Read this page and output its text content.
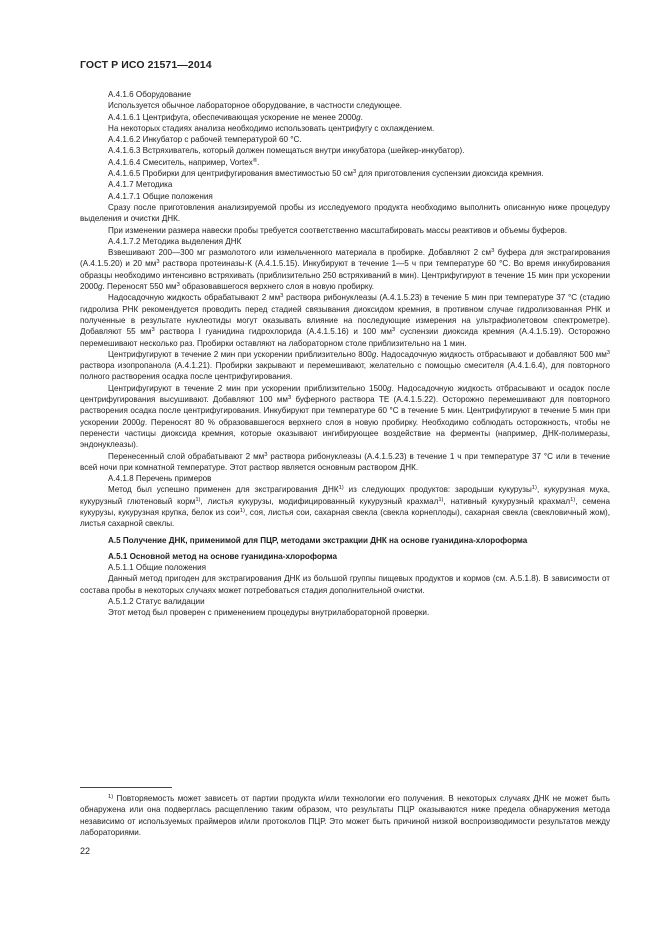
ГОСТ Р ИСО 21571—2014

А.4.1.6 Оборудование

Используется обычное лабораторное оборудование, в частности следующее.

А.4.1.6.1 Центрифуга, обеспечивающая ускорение не менее 2000g.

На некоторых стадиях анализа необходимо использовать центрифугу с охлаждением.

А.4.1.6.2 Инкубатор с рабочей температурой 60 °С.

А.4.1.6.3 Встряхиватель, который должен помещаться внутри инкубатора (шейкер-инкубатор).

А.4.1.6.4 Смеситель, например, Vortex®.

А.4.1.6.5 Пробирки для центрифугирования вместимостью 50 $см^3$ для приготовления суспензии диоксида кремния.

А.4.1.7 Методика

А.4.1.7.1 Общие положения

Сразу после приготовления анализируемой пробы из исследуемого продукта необходимо выполнить описанную ниже процедуру выделения и очистки ДНК.

При изменении размера навески пробы требуется соответственно масштабировать массы реактивов и объемы буферов.

А.4.1.7.2 Методика выделения ДНК

Взвешивают 200—300 мг размолотого или измельченного материала в пробирке. Добавляют 2 $см^3$ буфера для экстрагирования (А.4.1.5.20) и 20 $мм^3$ раствора протеиназы-К (А.4.1.5.15). Инкубируют в течение 1—5 ч при температуре 60 °С. Во время инкубирования образцы необходимо интенсивно встряхивать (приблизительно 250 встряхиваний в мин). Центрифугируют в течение 15 мин при ускорении 2000g. Переносят 550 $мм^3$ образовавшегося верхнего слоя в новую пробирку.

Надосадочную жидкость обрабатывают 2 $мм^3$ раствора рибонуклеазы (А.4.1.5.23) в течение 5 мин при температуре 37 °С (стадию гидролиза РНК рекомендуется проводить перед стадией связывания диоксидом кремния, в противном случае гидролизованная РНК и полученные в результате нуклеотиды могут оказывать влияние на последующие измерения на ультрафиолетовом спектрометре). Добавляют 55 $мм^3$ раствора I гуанидина гидрохлорида (А.4.1.5.16) и 100 $мм^3$ суспензии диоксида кремния (А.4.1.5.19). Осторожно перемешивают несколько раз. Пробирки оставляют на лабораторном столе приблизительно на 1 мин.

Центрифугируют в течение 2 мин при ускорении приблизительно 800g. Надосадочную жидкость отбрасывают и добавляют 500 $мм^3$ раствора изопропанола (А.4.1.21). Пробирки закрывают и перемешивают, желательно с помощью смесителя (А.4.1.6.4), для повторного полного растворения осадка после центрифугирования.

Центрифугируют в течение 2 мин при ускорении приблизительно 1500g. Надосадочную жидкость отбрасывают и осадок после центрифугирования высушивают. Добавляют 100 $мм^3$ буферного раствора ТЕ (А.4.1.5.22). Осторожно перемешивают для повторного растворения осадка после центрифугирования. Инкубируют при температуре 60 °С в течение 5 мин. Центрифугируют в течение 5 мин при ускорении 2000g. Переносят 80 % образовавшегося верхнего слоя в новую пробирку. Необходимо соблюдать осторожность, чтобы не перенести частицы диоксида кремния, которые оказывают ингибирующее воздействие на ферменты (например, ДНК-полимеразы, эндонуклеазы).

Перенесенный слой обрабатывают 2 $мм^3$ раствора рибонуклеазы (А.4.1.5.23) в течение 1 ч при температуре 37 °С или в течение всей ночи при комнатной температуре. Этот раствор является основным раствором ДНК.

А.4.1.8 Перечень примеров

Метод был успешно применен для экстрагирования ДНК$^{1)}$ из следующих продуктов: зародыши кукурузы$^{1)}$, кукурузная мука, кукурузный глютеновый корм$^{1)}$, листья кукурузы, модифицированный кукурузный крахмал$^{1)}$, нативный кукурузный крахмал$^{1)}$, семена кукурузы, кукурузная крупка, белок из сои$^{1)}$, соя, листья сои, сахарная свекла (свекла корнеплоды), сахарная свекла (свекловичный жом), листья сахарной свеклы.

А.5 Получение ДНК, применимой для ПЦР, методами экстракции ДНК на основе гуанидина-хлороформа

А.5.1 Основной метод на основе гуанидина-хлороформа

А.5.1.1 Общие положения

Данный метод пригоден для экстрагирования ДНК из большой группы пищевых продуктов и кормов (см. А.5.1.8). В зависимости от состава пробы в некоторых случаях может потребоваться стадия дополнительной очистки.

А.5.1.2 Статус валидации

Этот метод был проверен с применением процедуры внутрилабораторной проверки.

$^{1)}$ Повторяемость может зависеть от партии продукта и/или технологии его получения. В некоторых случаях ДНК не может быть обнаружена или она подверглась расщеплению таким образом, что результаты ПЦР оказываются ниже предела обнаружения метода независимо от используемых праймеров и/или протоколов ПЦР. Это может быть причиной низкой воспроизводимости результатов между лабораториями.

22
